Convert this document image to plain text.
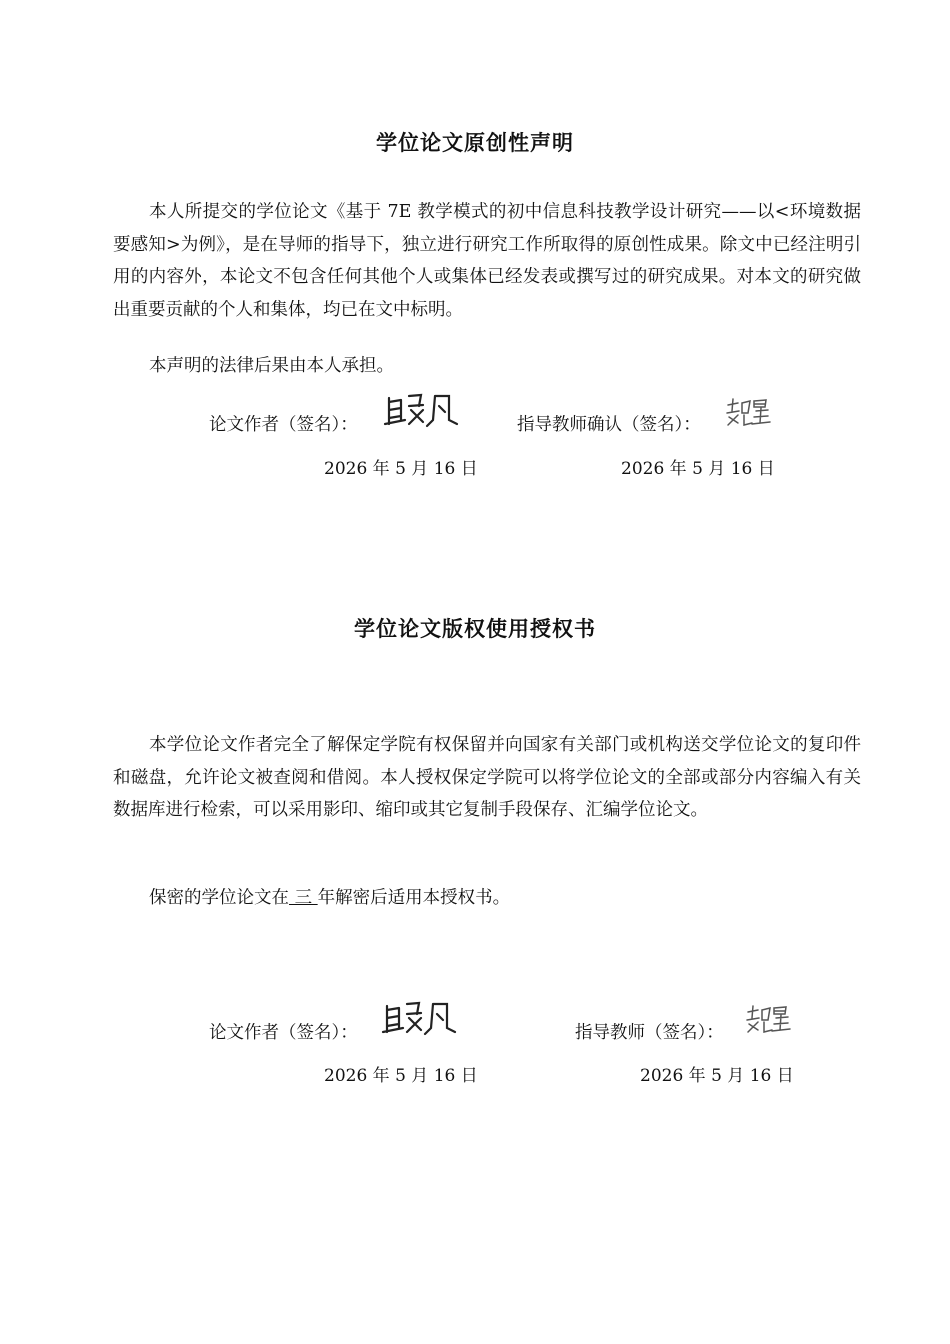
学位论文原创性声明

本人所提交的学位论文《基于 7E 教学模式的初中信息科技教学设计研究——以<环境数据要感知>为例》，是在导师的指导下，独立进行研究工作所取得的原创性成果。除文中已经注明引用的内容外，本论文不包含任何其他个人或集体已经发表或撰写过的研究成果。对本文的研究做出重要贡献的个人和集体，均已在文中标明。

本声明的法律后果由本人承担。

论文作者（签名）：	指导教师确认（签名）：
2026 年 5 月 16 日	2026 年 5 月 16 日
学位论文版权使用授权书

本学位论文作者完全了解保定学院有权保留并向国家有关部门或机构送交学位论文的复印件和磁盘，允许论文被查阅和借阅。本人授权保定学院可以将学位论文的全部或部分内容编入有关数据库进行检索，可以采用影印、缩印或其它复制手段保存、汇编学位论文。

保密的学位论文在 三 年解密后适用本授权书。

论文作者（签名）：	指导教师（签名）：
2026 年 5 月 16 日	2026 年 5 月 16 日
